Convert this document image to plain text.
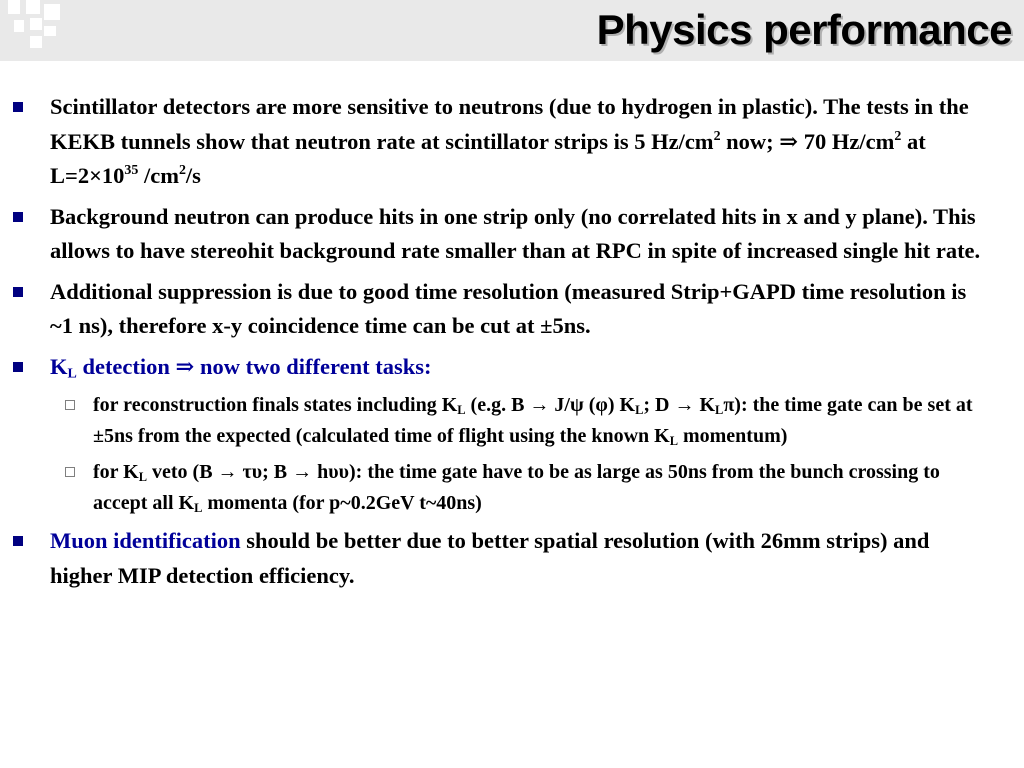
Physics performance
Scintillator detectors are more sensitive to neutrons (due to hydrogen in plastic). The tests in the KEKB tunnels show that neutron rate at scintillator strips is 5 $Hz/cm^2$ now; ⇒ 70 $Hz/cm^2$ at $L=2\times 10^{35}$ $/cm^2/s$
Background neutron can produce hits in one strip only (no correlated hits in x and y plane). This allows to have stereohit background rate smaller than at RPC in spite of increased single hit rate.
Additional suppression is due to good time resolution (measured Strip+GAPD time resolution is ~1 ns), therefore x-y coincidence time can be cut at ±5ns.
$K_L$ detection ⇒ now two different tasks:
for reconstruction finals states including $K_L$ (e.g. B → J/ψ (φ) $K_L$; $D \to K_L\pi$): the time gate can be set at ±5ns from the expected (calculated time of flight using the known $K_L$ momentum)
for $K_L$ veto (B → τυ; B → hυυ): the time gate have to be as large as 50ns from the bunch crossing to accept all $K_L$ momenta (for p~0.2GeV t~40ns)
Muon identification should be better due to better spatial resolution (with 26mm strips) and higher MIP detection efficiency.
